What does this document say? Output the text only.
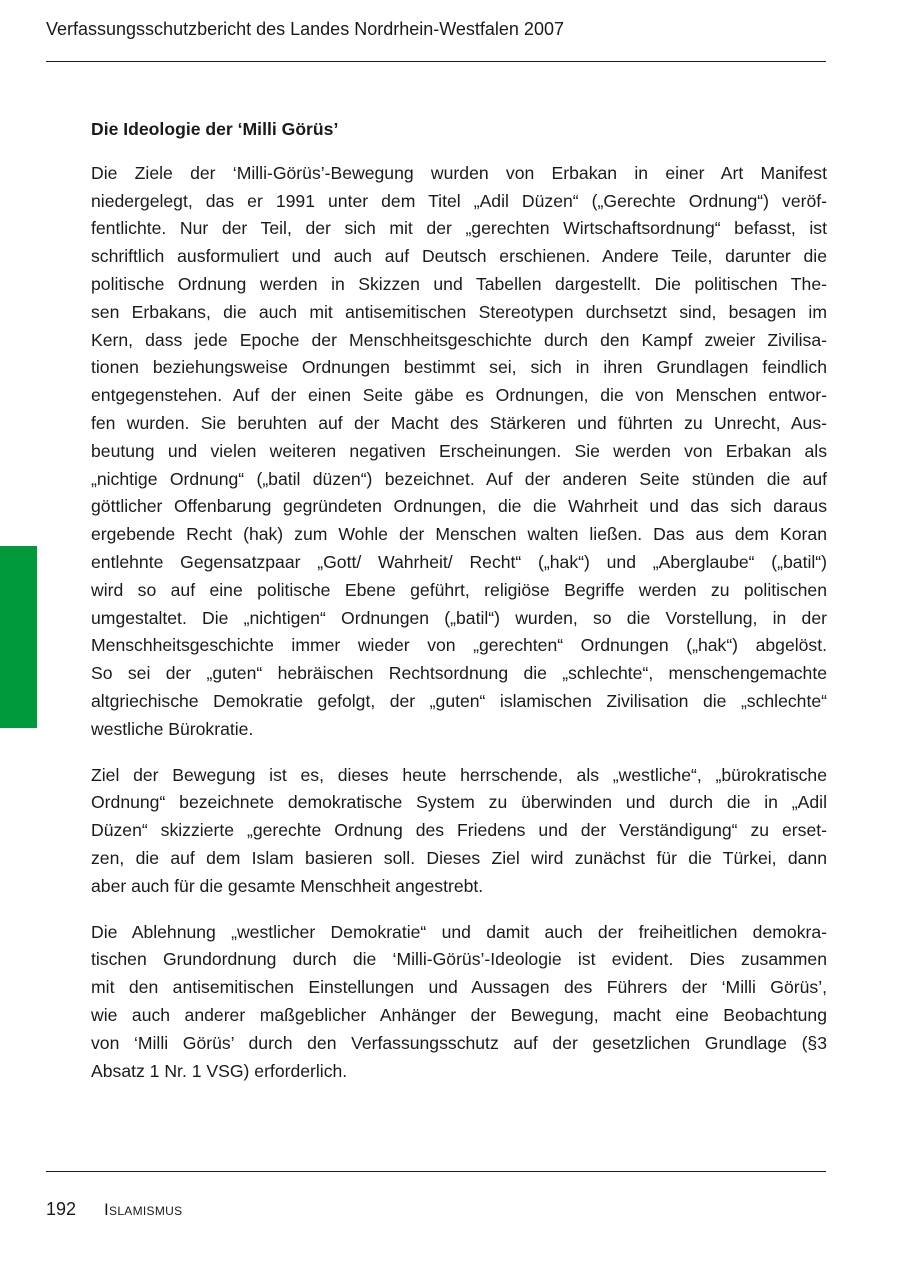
Verfassungsschutzbericht des Landes Nordrhein-Westfalen 2007
Die Ideologie der ‘Milli Görüs’
Die Ziele der ‘Milli-Görüs’-Bewegung wurden von Erbakan in einer Art Manifest
niedergelegt, das er 1991 unter dem Titel „Adil Düzen“ („Gerechte Ordnung“) veröf-
fentlichte. Nur der Teil, der sich mit der „gerechten Wirtschaftsordnung“ befasst, ist
schriftlich ausformuliert und auch auf Deutsch erschienen. Andere Teile, darunter die
politische Ordnung werden in Skizzen und Tabellen dargestellt. Die politischen The-
sen Erbakans, die auch mit antisemitischen Stereotypen durchsetzt sind, besagen im
Kern, dass jede Epoche der Menschheitsgeschichte durch den Kampf zweier Zivilisa-
tionen beziehungsweise Ordnungen bestimmt sei, sich in ihren Grundlagen feindlich
entgegenstehen. Auf der einen Seite gäbe es Ordnungen, die von Menschen entwor-
fen wurden. Sie beruhten auf der Macht des Stärkeren und führten zu Unrecht, Aus-
beutung und vielen weiteren negativen Erscheinungen. Sie werden von Erbakan als
„nichtige Ordnung“ („batil düzen“) bezeichnet. Auf der anderen Seite stünden die auf
göttlicher Offenbarung gegründeten Ordnungen, die die Wahrheit und das sich daraus
ergebende Recht (hak) zum Wohle der Menschen walten ließen. Das aus dem Koran
entlehnte Gegensatzpaar „Gott/ Wahrheit/ Recht“ („hak“) und „Aberglaube“ („batil“)
wird so auf eine politische Ebene geführt, religiöse Begriffe werden zu politischen
umgestaltet. Die „nichtigen“ Ordnungen („batil“) wurden, so die Vorstellung, in der
Menschheitsgeschichte immer wieder von „gerechten“ Ordnungen („hak“) abgelöst.
So sei der „guten“ hebräischen Rechtsordnung die „schlechte“, menschengemachte
altgriechische Demokratie gefolgt, der „guten“ islamischen Zivilisation die „schlechte“
westliche Bürokratie.
Ziel der Bewegung ist es, dieses heute herrschende, als „westliche“, „bürokratische
Ordnung“ bezeichnete demokratische System zu überwinden und durch die in „Adil
Düzen“ skizzierte „gerechte Ordnung des Friedens und der Verständigung“ zu erset-
zen, die auf dem Islam basieren soll. Dieses Ziel wird zunächst für die Türkei, dann
aber auch für die gesamte Menschheit angestrebt.
Die Ablehnung „westlicher Demokratie“ und damit auch der freiheitlichen demokra-
tischen Grundordnung durch die ‘Milli-Görüs’-Ideologie ist evident. Dies zusammen
mit den antisemitischen Einstellungen und Aussagen des Führers der ‘Milli Görüs’,
wie auch anderer maßgeblicher Anhänger der Bewegung, macht eine Beobachtung
von ‘Milli Görüs’ durch den Verfassungsschutz auf der gesetzlichen Grundlage (§3
Absatz 1 Nr. 1 VSG) erforderlich.
192 Islamismus
